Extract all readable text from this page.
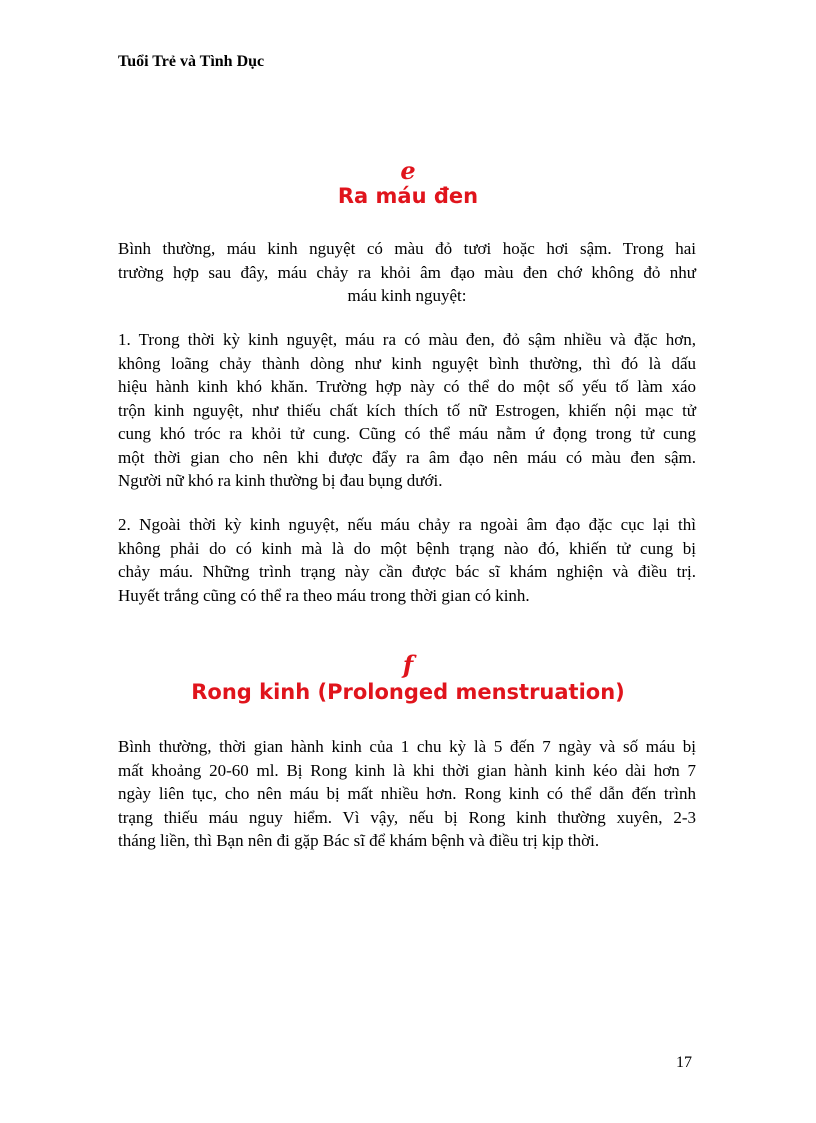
Tuổi Trẻ và Tình Dục
e
Ra máu đen
Bình thường, máu kinh nguyệt có màu đỏ tươi hoặc hơi sậm. Trong hai
trường hợp sau đây, máu chảy ra khỏi âm đạo màu đen chớ không đỏ như
máu kinh nguyệt:
1. Trong thời kỳ kinh nguyệt, máu ra có màu đen, đỏ sậm nhiều và đặc hơn,
không loãng chảy thành dòng như kinh nguyệt bình thường, thì đó là dấu
hiệu hành kinh khó khăn. Trường hợp này có thể do một số yếu tố làm xáo
trộn kinh nguyệt, như thiếu chất kích thích tố nữ Estrogen, khiến nội mạc tử
cung khó tróc ra khỏi tử cung. Cũng có thể máu nằm ứ đọng trong tử cung
một thời gian cho nên khi được đẩy ra âm đạo nên máu có màu đen sậm.
Người nữ khó ra kinh thường bị đau bụng dưới.
2. Ngoài thời kỳ kinh nguyệt, nếu máu chảy ra ngoài âm đạo đặc cục lại thì
không phải do có kinh mà là do một bệnh trạng nào đó, khiến tử cung bị
chảy máu. Những trình trạng này cần được bác sĩ khám nghiện và điều trị.
Huyết trắng cũng có thể ra theo máu trong thời gian có kinh.
f
Rong kinh (Prolonged menstruation)
Bình thường, thời gian hành kinh của 1 chu kỳ là 5 đến 7 ngày và số máu bị
mất khoảng 20-60 ml. Bị Rong kinh là khi thời gian hành kinh kéo dài hơn 7
ngày liên tục, cho nên máu bị mất nhiều hơn. Rong kinh có thể dẫn đến trình
trạng thiếu máu nguy hiểm. Vì vậy, nếu bị Rong kinh thường xuyên, 2-3
tháng liền, thì Bạn nên đi gặp Bác sĩ để khám bệnh và điều trị kịp thời.
17
